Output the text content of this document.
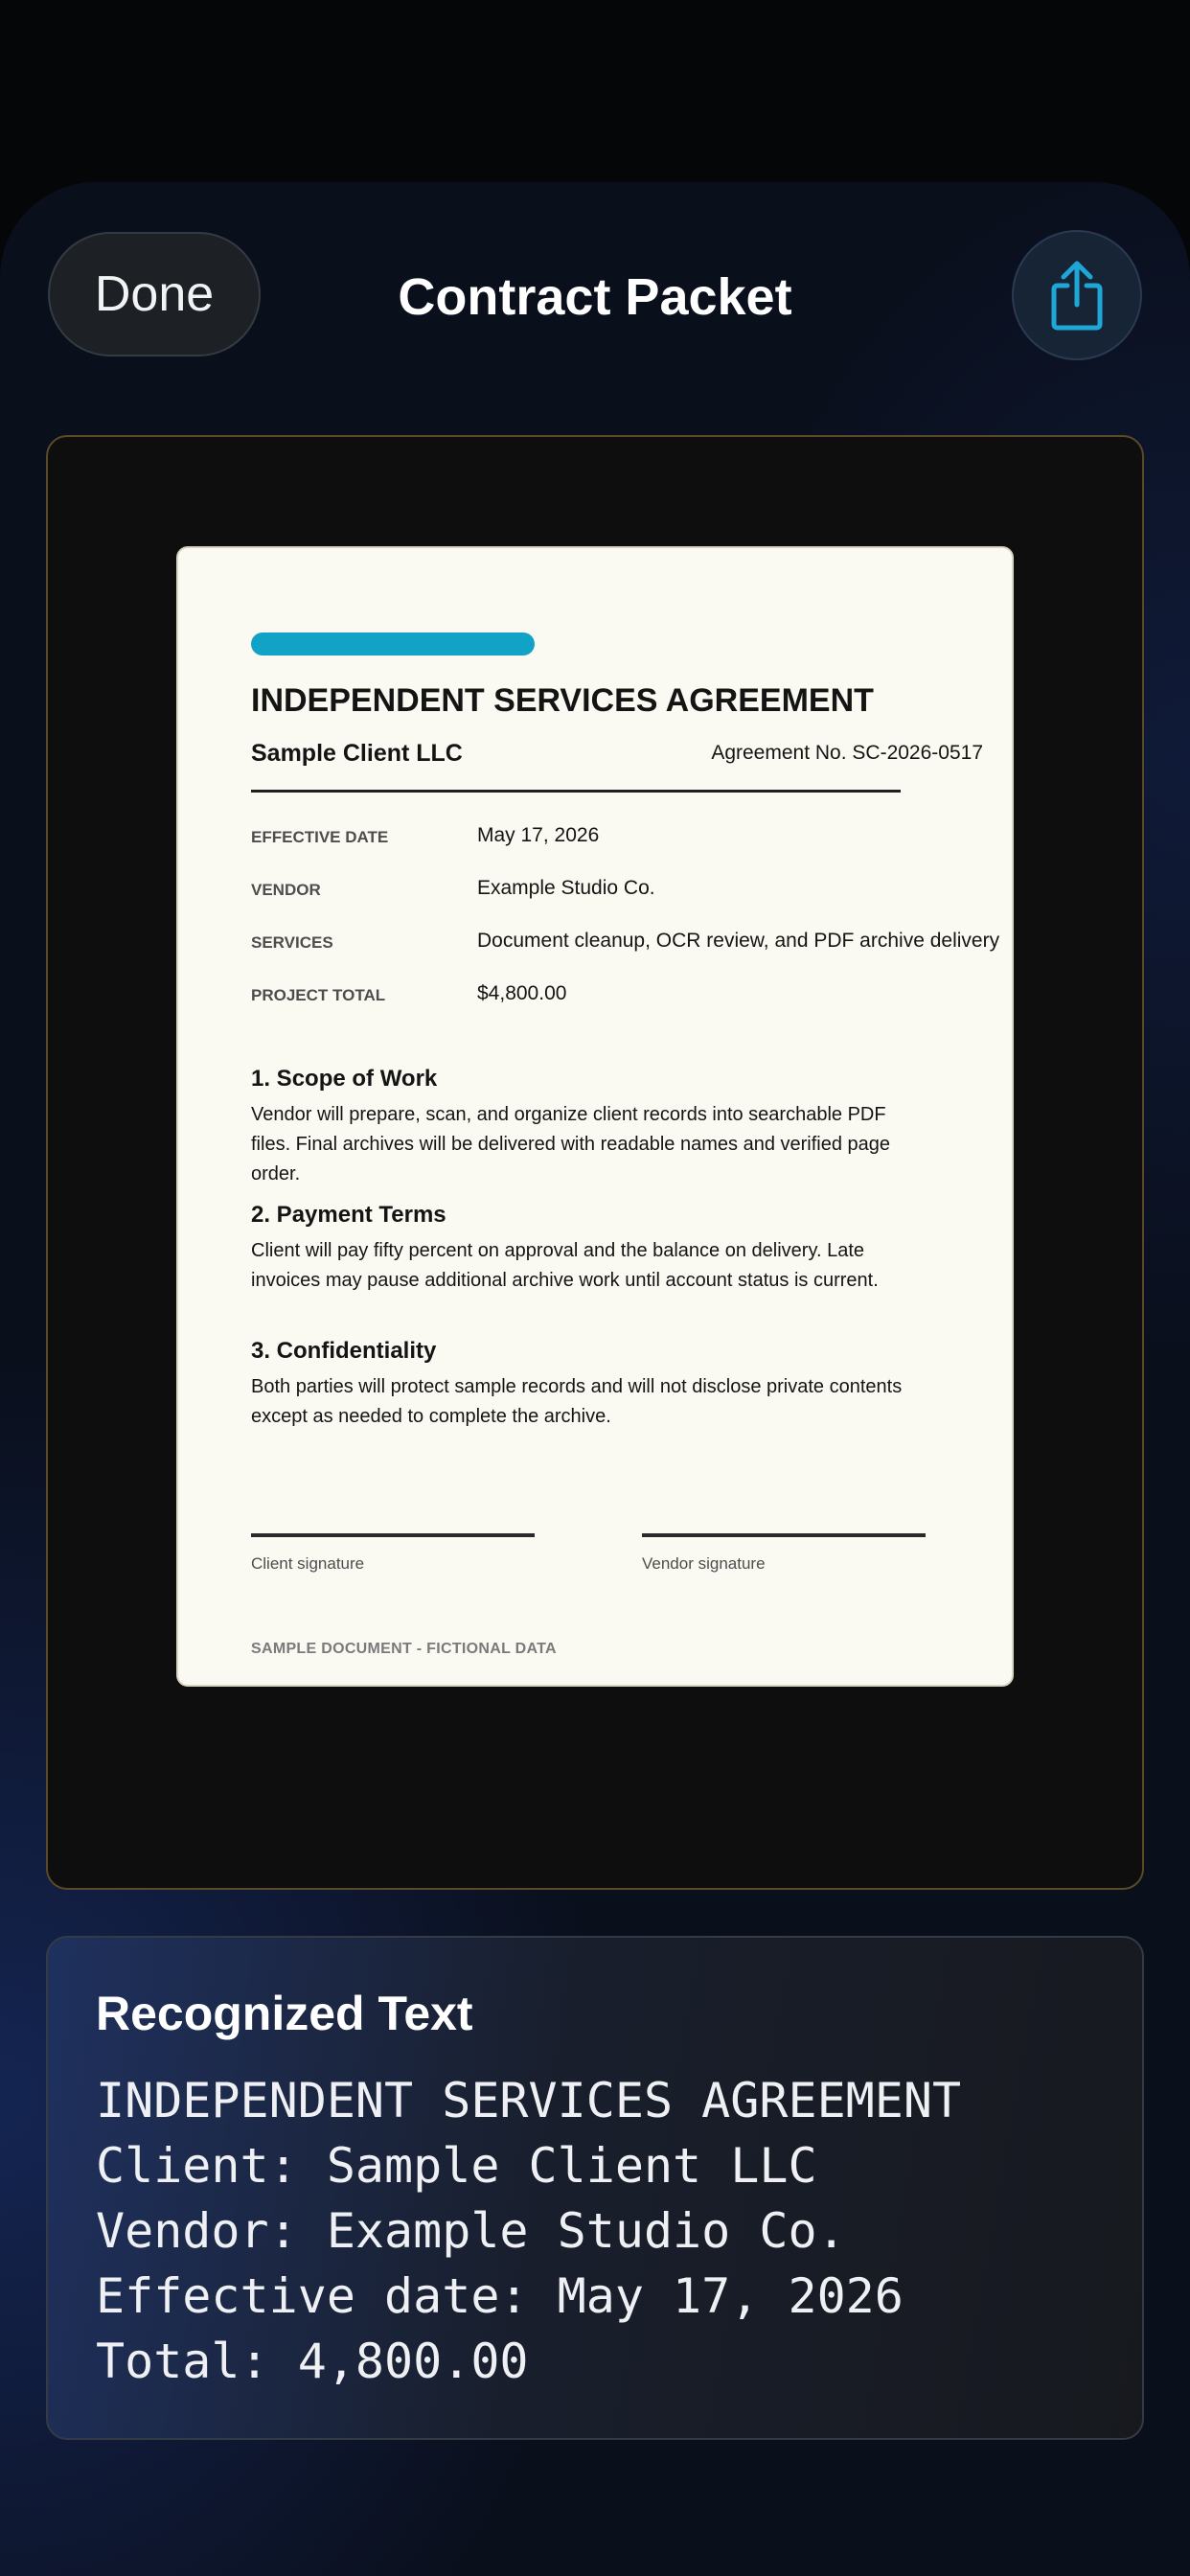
Done	Contract Packet
INDEPENDENT SERVICES AGREEMENT
Sample Client LLC	Agreement No. SC-2026-0517
EFFECTIVE DATE	May 17, 2026
VENDOR	Example Studio Co.
SERVICES	Document cleanup, OCR review, and PDF archive delivery
PROJECT TOTAL	$4,800.00
1. Scope of Work
Vendor will prepare, scan, and organize client records into searchable PDF files. Final archives will be delivered with readable names and verified page order.
2. Payment Terms
Client will pay fifty percent on approval and the balance on delivery. Late invoices may pause additional archive work until account status is current.
3. Confidentiality
Both parties will protect sample records and will not disclose private contents except as needed to complete the archive.
Client signature	Vendor signature
SAMPLE DOCUMENT - FICTIONAL DATA
Recognized Text
INDEPENDENT SERVICES AGREEMENT
Client: Sample Client LLC
Vendor: Example Studio Co.
Effective date: May 17, 2026
Total: 4,800.00
